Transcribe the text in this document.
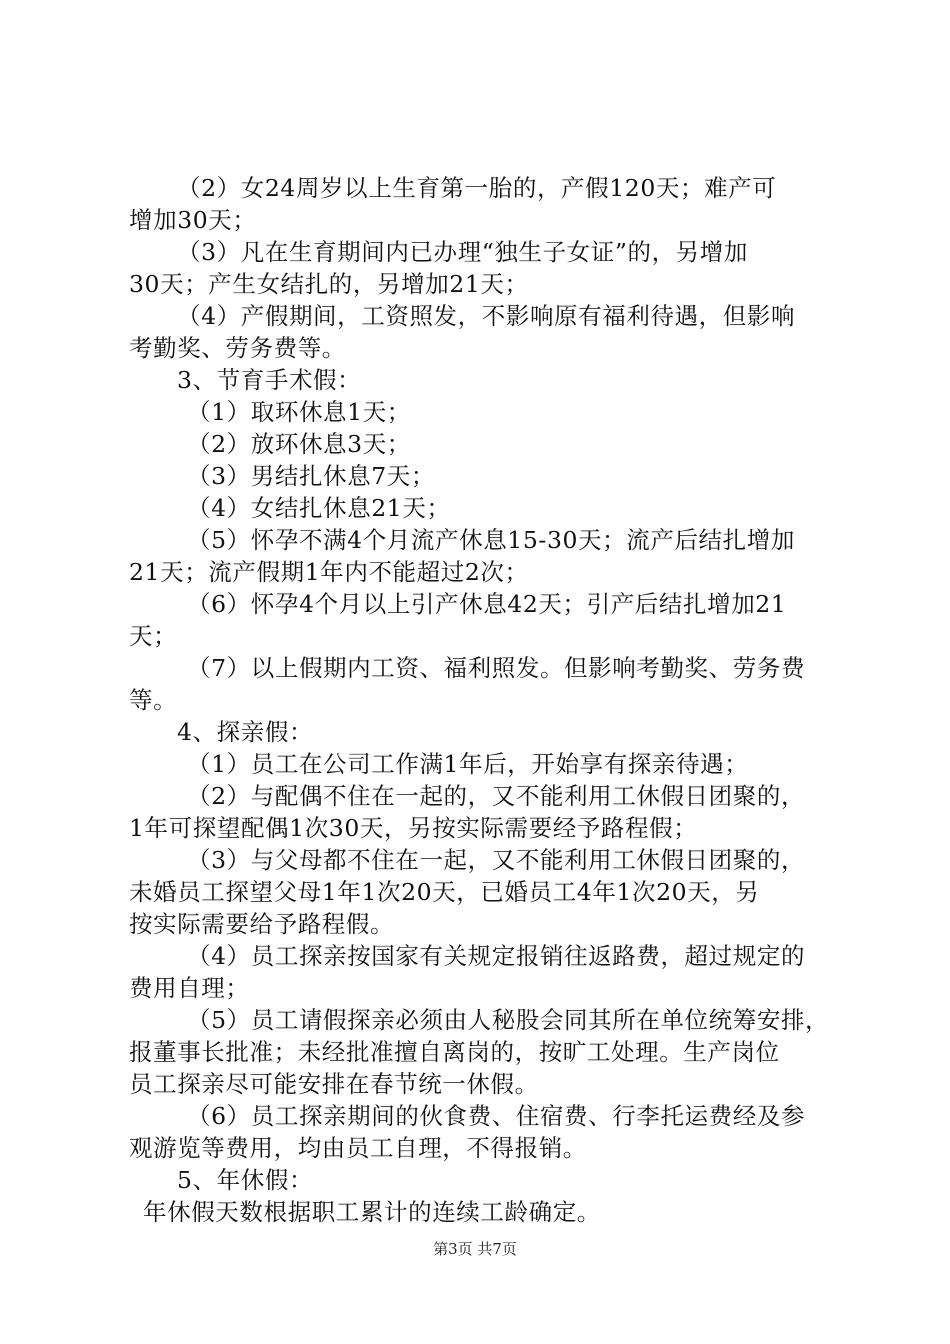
（2）女24周岁以上生育第一胎的，产假120天；难产可
增加30天；
（3）凡在生育期间内已办理“独生子女证”的，另增加
30天；产生女结扎的，另增加21天；
（4）产假期间，工资照发，不影响原有福利待遇，但影响
考勤奖、劳务费等。
3、节育手术假：
（1）取环休息1天；
（2）放环休息3天；
（3）男结扎休息7天；
（4）女结扎休息21天；
（5）怀孕不满4个月流产休息15-30天；流产后结扎增加
21天；流产假期1年内不能超过2次；
（6）怀孕4个月以上引产休息42天；引产后结扎增加21
天；
（7）以上假期内工资、福利照发。但影响考勤奖、劳务费
等。
4、探亲假：
（1）员工在公司工作满1年后，开始享有探亲待遇；
（2）与配偶不住在一起的，又不能利用工休假日团聚的，
1年可探望配偶1次30天，另按实际需要经予路程假；
（3）与父母都不住在一起，又不能利用工休假日团聚的，
未婚员工探望父母1年1次20天，已婚员工4年1次20天，另
按实际需要给予路程假。
（4）员工探亲按国家有关规定报销往返路费，超过规定的
费用自理；
（5）员工请假探亲必须由人秘股会同其所在单位统筹安排，
报董事长批准；未经批准擅自离岗的，按旷工处理。生产岗位
员工探亲尽可能安排在春节统一休假。
（6）员工探亲期间的伙食费、住宿费、行李托运费经及参
观游览等费用，均由员工自理，不得报销。
5、年休假：
年休假天数根据职工累计的连续工龄确定。
第3页 共7页
